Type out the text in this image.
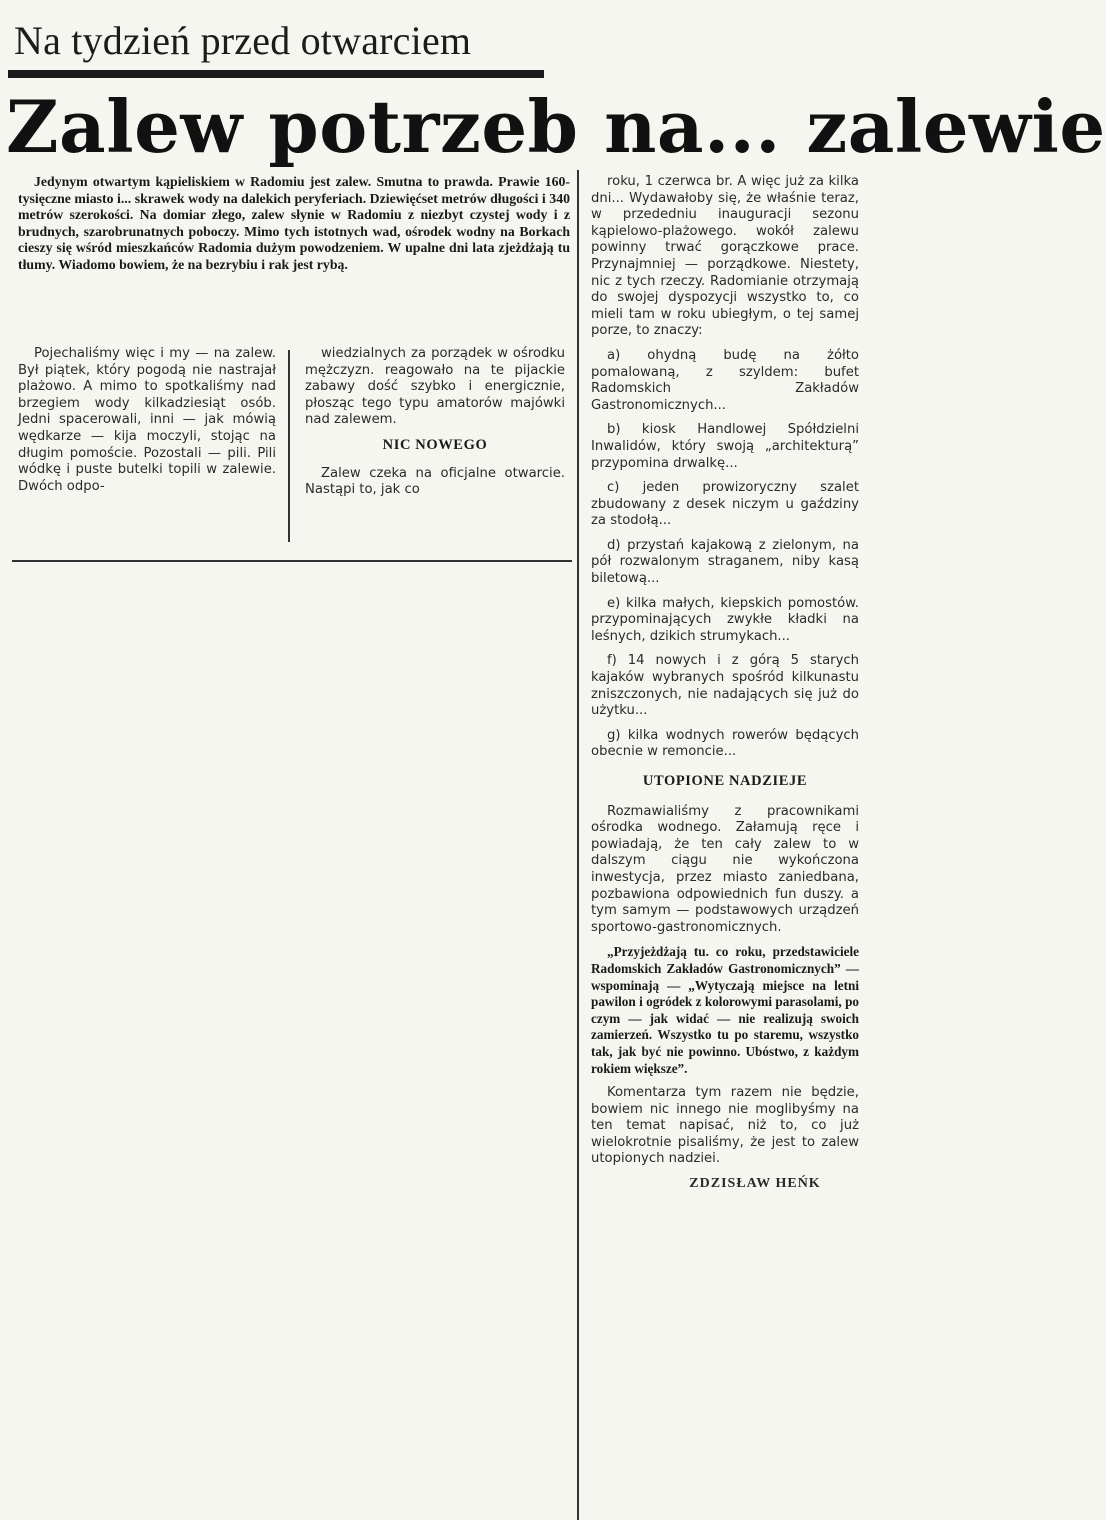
Na tydzień przed otwarciem
Zalew potrzeb na... zalewie

Jedynym otwartym kąpieliskiem w Radomiu jest zalew. Smutna to prawda. Prawie 160-tysięczne miasto i... skrawek wody na dalekich peryferiach. Dziewięćset metrów długości i 340 metrów szerokości. Na domiar złego, zalew słynie w Radomiu z niezbyt czystej wody i z brudnych, szarobrunatnych poboczy. Mimo tych istotnych wad, ośrodek wodny na Borkach cieszy się wśród mieszkańców Radomia dużym powodzeniem. W upalne dni lata zjeżdżają tu tłumy. Wiadomo bowiem, że na bezrybiu i rak jest rybą.

Pojechaliśmy więc i my — na zalew. Był piątek, który pogodą nie nastrajał plażowo. A mimo to spotkaliśmy nad brzegiem wody kilkadziesiąt osób. Jedni spacerowali, inni — jak mówią wędkarze — kija moczyli, stojąc na długim pomoście. Pozostali — pili. Pili wódkę i puste butelki topili w zalewie. Dwóch odpo-

wiedzialnych za porządek w ośrodku mężczyzn. reagowało na te pijackie zabawy dość szybko i energicznie, płosząc tego typu amatorów majówki nad zalewem.

NIC NOWEGO

Zalew czeka na oficjalne otwarcie. Nastąpi to, jak co

roku, 1 czerwca br. A więc już za kilka dni... Wydawałoby się, że właśnie teraz, w przededniu inauguracji sezonu kąpielowo-plażowego. wokół zalewu powinny trwać gorączkowe prace. Przynajmniej — porządkowe. Niestety, nic z tych rzeczy. Radomianie otrzymają do swojej dyspozycji wszystko to, co mieli tam w roku ubiegłym, o tej samej porze, to znaczy:

a) ohydną budę na żółto pomalowaną, z szyldem: bufet Radomskich Zakładów Gastronomicznych...

b) kiosk Handlowej Spółdzielni Inwalidów, który swoją „architekturą” przypomina drwalkę...

c) jeden prowizoryczny szalet zbudowany z desek niczym u gaździny za stodołą...

d) przystań kajakową z zielonym, na pół rozwalonym straganem, niby kasą biletową...

e) kilka małych, kiepskich pomostów. przypominających zwykłe kładki na leśnych, dzikich strumykach...

f) 14 nowych i z górą 5 starych kajaków wybranych spośród kilkunastu zniszczonych, nie nadających się już do użytku...

g) kilka wodnych rowerów będących obecnie w remoncie...

UTOPIONE NADZIEJE

Rozmawialiśmy z pracownikami ośrodka wodnego. Załamują ręce i powiadają, że ten cały zalew to w dalszym ciągu nie wykończona inwestycja, przez miasto zaniedbana, pozbawiona odpowiednich fun duszy. a tym samym — podstawowych urządzeń sportowo-gastronomicznych.

„Przyjeżdżają tu. co roku, przedstawiciele Radomskich Zakładów Gastronomicznych” — wspominają — „Wytyczają miejsce na letni pawilon i ogródek z kolorowymi parasolami, po czym — jak widać — nie realizują swoich zamierzeń. Wszystko tu po staremu, wszystko tak, jak być nie powinno. Ubóstwo, z każdym rokiem większe”.

Komentarza tym razem nie będzie, bowiem nic innego nie moglibyśmy na ten temat napisać, niż to, co już wielokrotnie pisaliśmy, że jest to zalew utopionych nadziei.

ZDZISŁAW HEŃK
